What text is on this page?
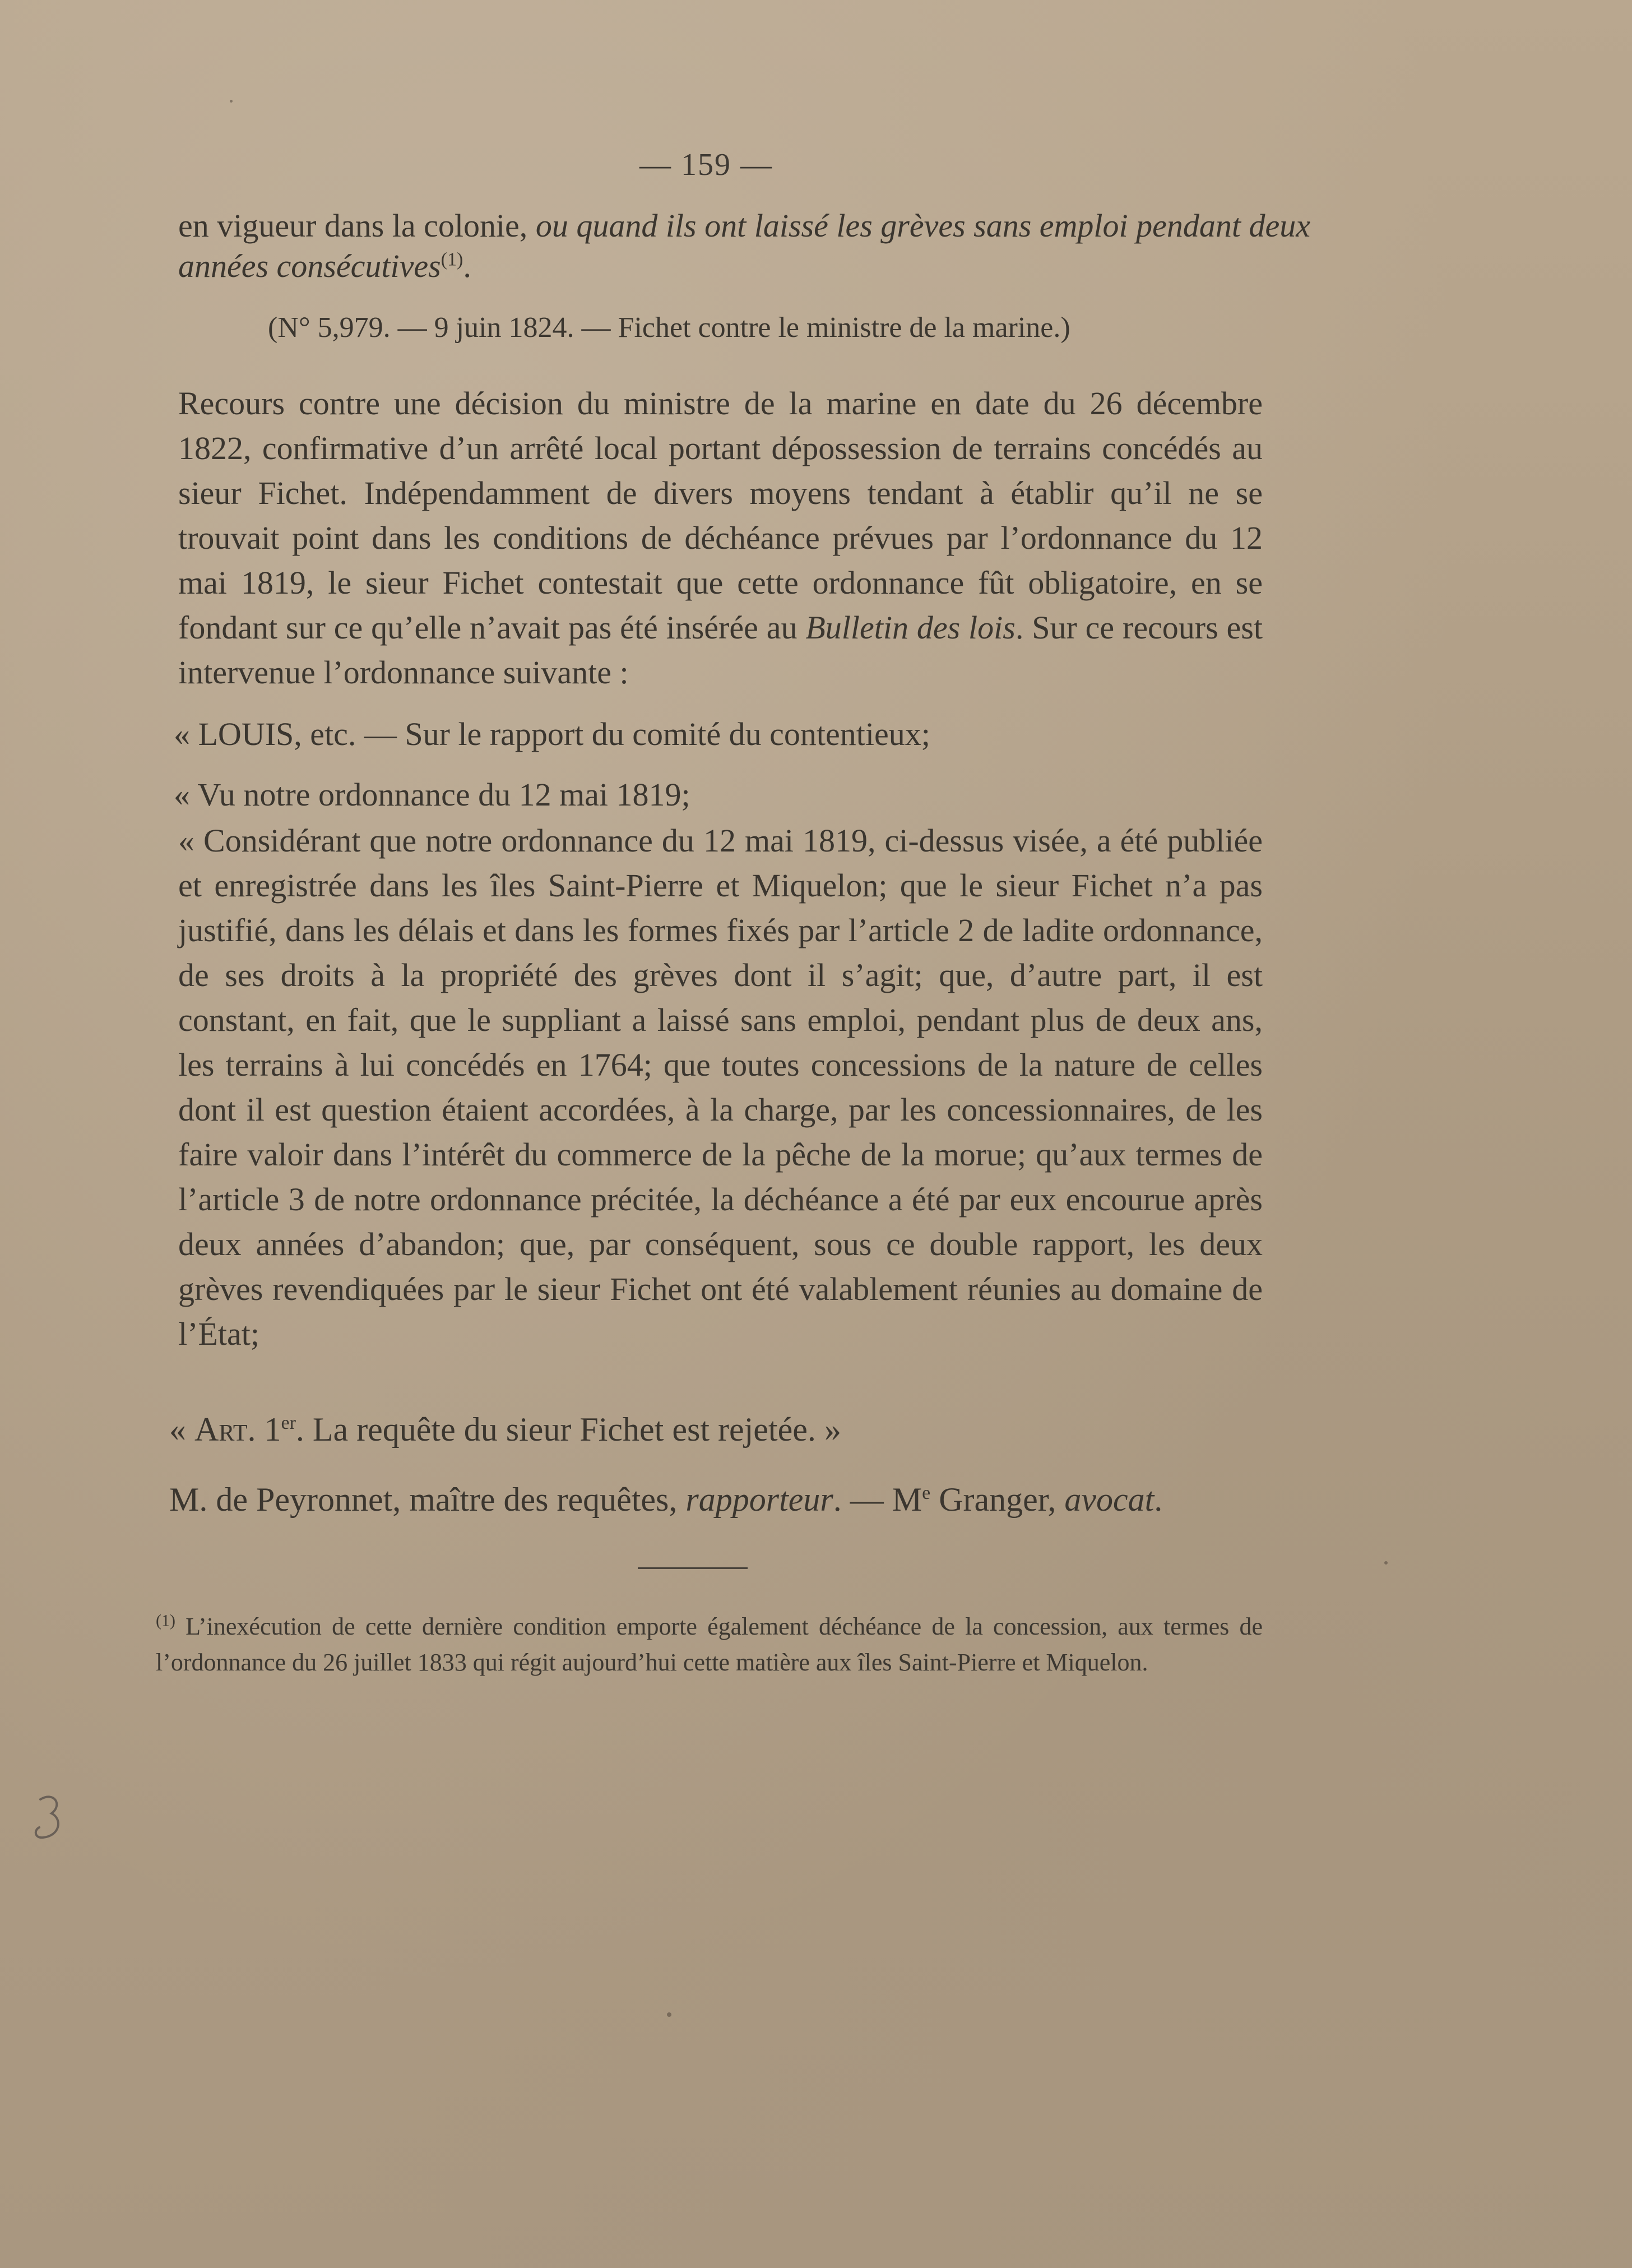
— 159 —
en vigueur dans la colonie, ou quand ils ont laissé les grèves sans emploi pendant deux
années consécutives$^{(1)}$.
(N° 5,979. — 9 juin 1824. — Fichet contre le ministre de la marine.)
Recours contre une décision du ministre de la marine en date du 26 décembre 1822, confirmative d’un arrêté local portant dépossession de terrains concédés au sieur Fichet. Indépendamment de divers moyens tendant à établir qu’il ne se trouvait point dans les conditions de déchéance prévues par l’ordonnance du 12 mai 1819, le sieur Fichet contestait que cette ordonnance fût obligatoire, en se fondant sur ce qu’elle n’avait pas été insérée au Bulletin des lois. Sur ce recours est intervenue l’ordonnance suivante :
« LOUIS, etc. — Sur le rapport du comité du contentieux;
« Vu notre ordonnance du 12 mai 1819;
« Considérant que notre ordonnance du 12 mai 1819, ci-dessus visée, a été publiée et enregistrée dans les îles Saint-Pierre et Miquelon; que le sieur Fichet n’a pas justifié, dans les délais et dans les formes fixés par l’article 2 de ladite ordonnance, de ses droits à la propriété des grèves dont il s’agit; que, d’autre part, il est constant, en fait, que le suppliant a laissé sans emploi, pendant plus de deux ans, les terrains à lui concédés en 1764; que toutes concessions de la nature de celles dont il est question étaient accordées, à la charge, par les concessionnaires, de les faire valoir dans l’intérêt du commerce de la pêche de la morue; qu’aux termes de l’article 3 de notre ordonnance précitée, la déchéance a été par eux encourue après deux années d’abandon; que, par conséquent, sous ce double rapport, les deux grèves revendiquées par le sieur Fichet ont été valablement réunies au domaine de l’État;
« Art. 1er. La requête du sieur Fichet est rejetée. »
M. de Peyronnet, maître des requêtes, rapporteur. — Me Granger, avocat.
$^{(1)}$ L’inexécution de cette dernière condition emporte également déchéance de la concession, aux termes de l’ordonnance du 26 juillet 1833 qui régit aujourd’hui cette matière aux îles Saint-Pierre et Miquelon.
